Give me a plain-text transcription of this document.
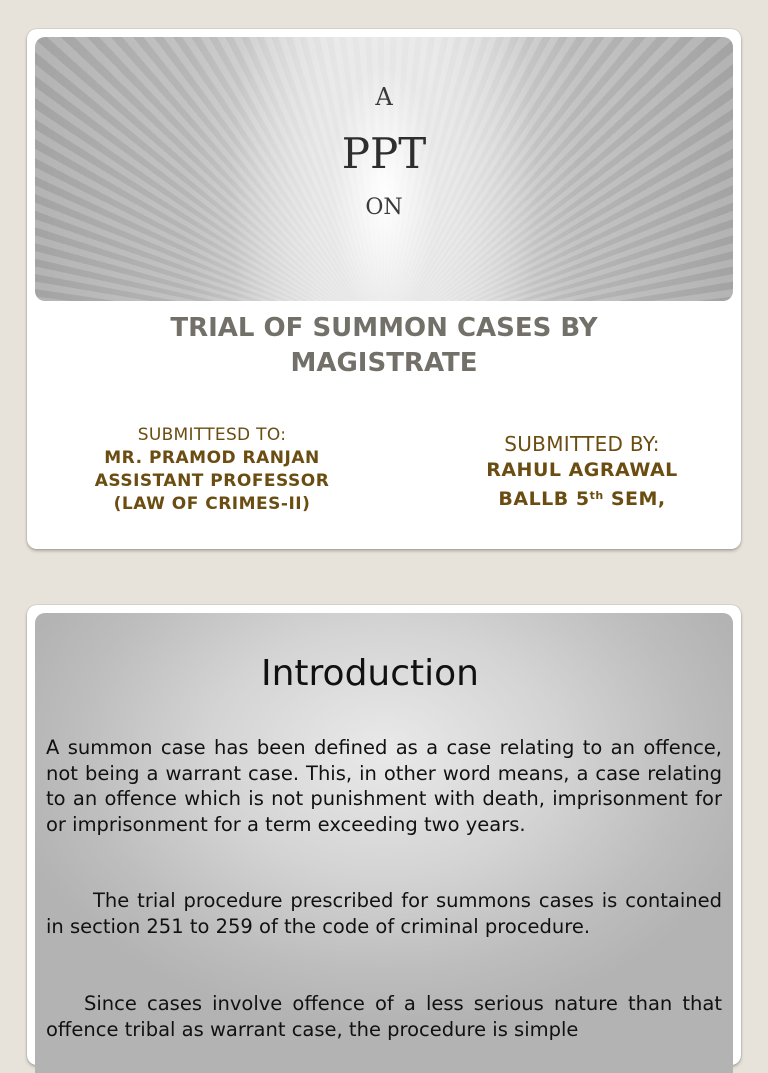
A
PPT
ON
TRIAL OF SUMMON CASES BY
MAGISTRATE
SUBMITTESD TO:
MR. PRAMOD RANJAN
ASSISTANT PROFESSOR
(LAW OF CRIMES-II)
SUBMITTED BY:
RAHUL AGRAWAL
BALLB 5th SEM,
Introduction
A summon case has been defined as a case relating to an offence, not being a warrant case. This, in other word means, a case relating to an offence which is not punishment with death, imprisonment for or imprisonment for a term exceeding two years.
The trial procedure prescribed for summons cases is contained in section 251 to 259 of the code of criminal procedure.
Since cases involve offence of a less serious nature than that offence tribal as warrant case, the procedure is simple
